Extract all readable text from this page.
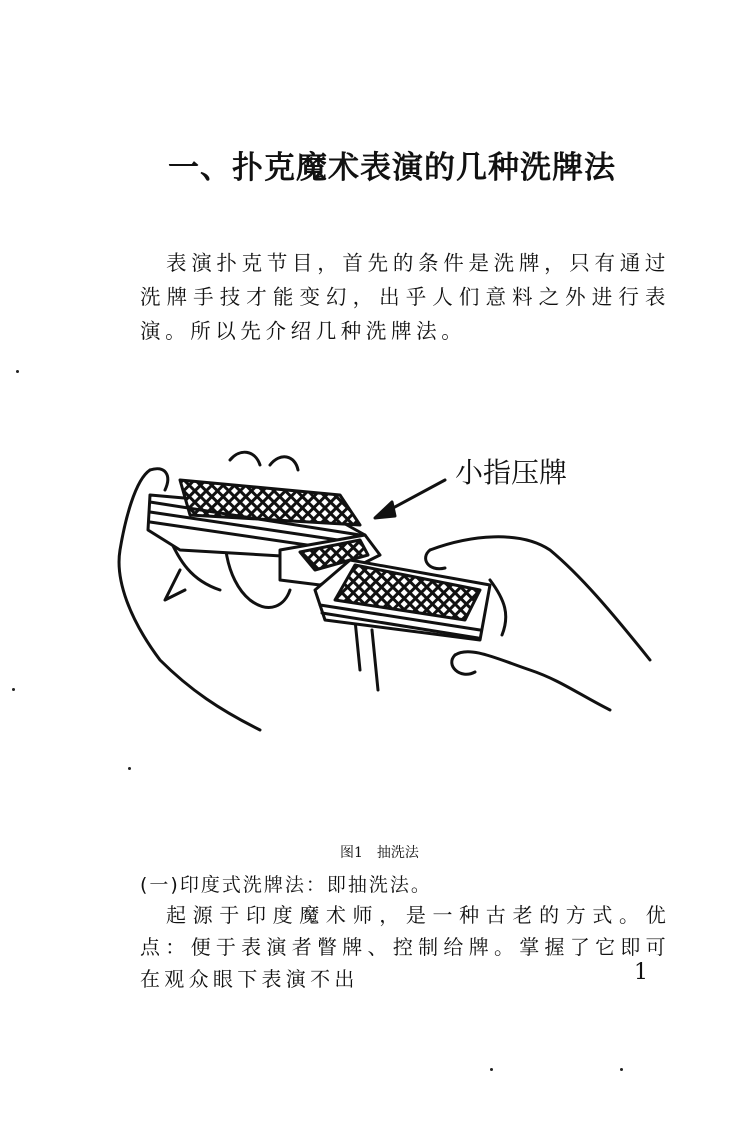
一、扑克魔术表演的几种洗牌法

表演扑克节目，首先的条件是洗牌，只有通过洗牌手技才能变幻，出乎人们意料之外进行表演。所以先介绍几种洗牌法。

小指压牌
图1 抽洗法
(一)印度式洗牌法：即抽洗法。

起源于印度魔术师，是一种古老的方式。优点：便于表演者瞥牌、控制给牌。掌握了它即可在观众眼下表演不出	1
